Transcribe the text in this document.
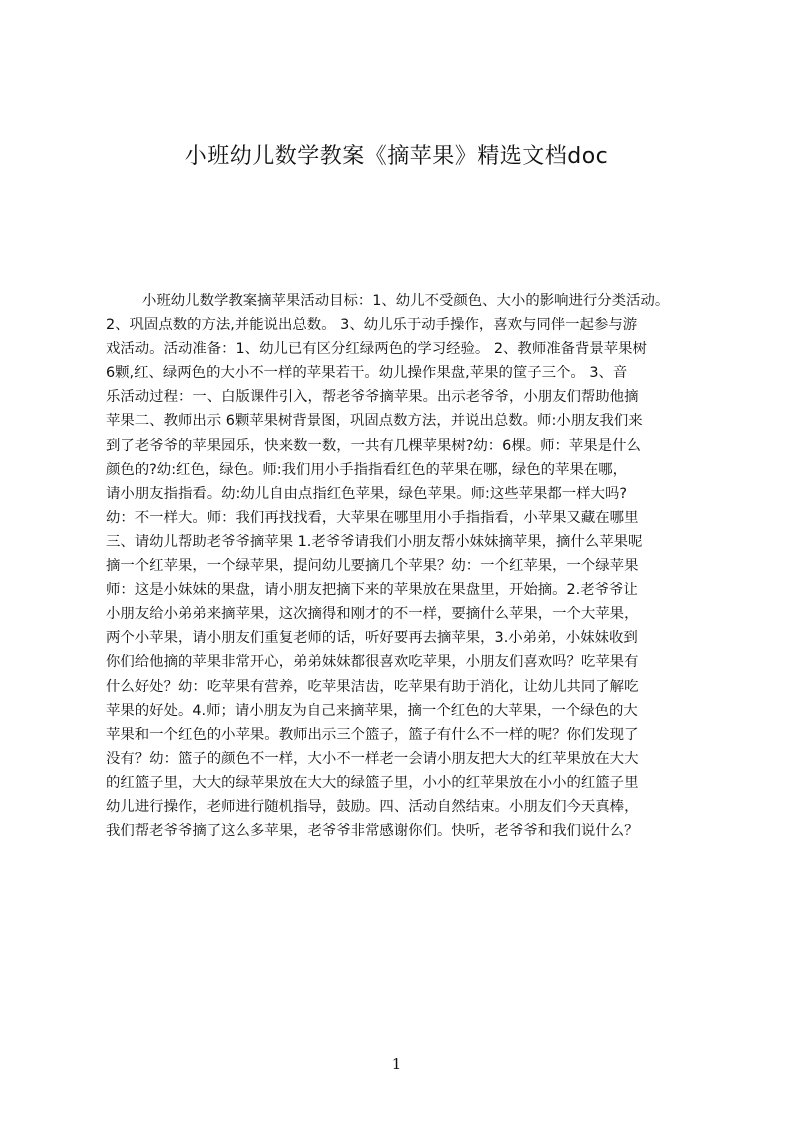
小班幼儿数学教案《摘苹果》精选文档doc
小班幼儿数学教案摘苹果活动目标：1、幼儿不受颜色、大小的影响进行分类活动。
2、巩固点数的方法,并能说出总数。 3、幼儿乐于动手操作，喜欢与同伴一起参与游
戏活动。活动准备：1、幼儿已有区分红绿两色的学习经验。 2、教师准备背景苹果树
6颗,红、绿两色的大小不一样的苹果若干。幼儿操作果盘,苹果的筐子三个。 3、音
乐活动过程：一、白版课件引入，帮老爷爷摘苹果。出示老爷爷，小朋友们帮助他摘
苹果二、教师出示 6颗苹果树背景图，巩固点数方法，并说出总数。师:小朋友我们来
到了老爷爷的苹果园乐，快来数一数，一共有几棵苹果树?幼：6棵。师：苹果是什么
颜色的?幼:红色，绿色。师:我们用小手指指看红色的苹果在哪，绿色的苹果在哪，
请小朋友指指看。幼:幼儿自由点指红色苹果，绿色苹果。师:这些苹果都一样大吗?
幼：不一样大。师：我们再找找看，大苹果在哪里用小手指指看，小苹果又藏在哪里
三、请幼儿帮助老爷爷摘苹果 1.老爷爷请我们小朋友帮小妹妹摘苹果，摘什么苹果呢
摘一个红苹果，一个绿苹果，提问幼儿要摘几个苹果？幼：一个红苹果，一个绿苹果
师：这是小妹妹的果盘，请小朋友把摘下来的苹果放在果盘里，开始摘。2.老爷爷让
小朋友给小弟弟来摘苹果，这次摘得和刚才的不一样，要摘什么苹果，一个大苹果，
两个小苹果，请小朋友们重复老师的话，听好要再去摘苹果，3.小弟弟，小妹妹收到
你们给他摘的苹果非常开心，弟弟妹妹都很喜欢吃苹果，小朋友们喜欢吗？吃苹果有
什么好处？幼：吃苹果有营养，吃苹果洁齿，吃苹果有助于消化，让幼儿共同了解吃
苹果的好处。4.师；请小朋友为自己来摘苹果，摘一个红色的大苹果，一个绿色的大
苹果和一个红色的小苹果。教师出示三个篮子，篮子有什么不一样的呢？你们发现了
没有？幼：篮子的颜色不一样，大小不一样老一会请小朋友把大大的红苹果放在大大
的红篮子里，大大的绿苹果放在大大的绿篮子里，小小的红苹果放在小小的红篮子里
幼儿进行操作，老师进行随机指导，鼓励。四、活动自然结束。小朋友们今天真棒，
我们帮老爷爷摘了这么多苹果，老爷爷非常感谢你们。快听，老爷爷和我们说什么？
1
